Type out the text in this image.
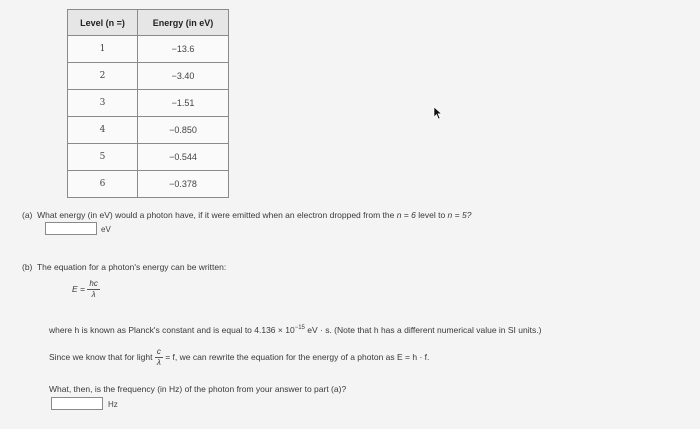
Level (n =)	Energy (in eV)
1	−13.6
2	−3.40
3	−1.51
4	−0.850
5	−0.544
6	−0.378
(a) What energy (in eV) would a photon have, if it were emitted when an electron dropped from the n = 6 level to n = 5?
eV
(b) The equation for a photon's energy can be written:
$E = \frac{hc}{\lambda}$
where h is known as Planck's constant and is equal to $4.136 \times 10^{-15}$ eV · s. (Note that h has a different numerical value in SI units.)
Since we know that for light $\frac{c}{\lambda} = f$, we can rewrite the equation for the energy of a photon as E = h · f.
What, then, is the frequency (in Hz) of the photon from your answer to part (a)?
Hz
